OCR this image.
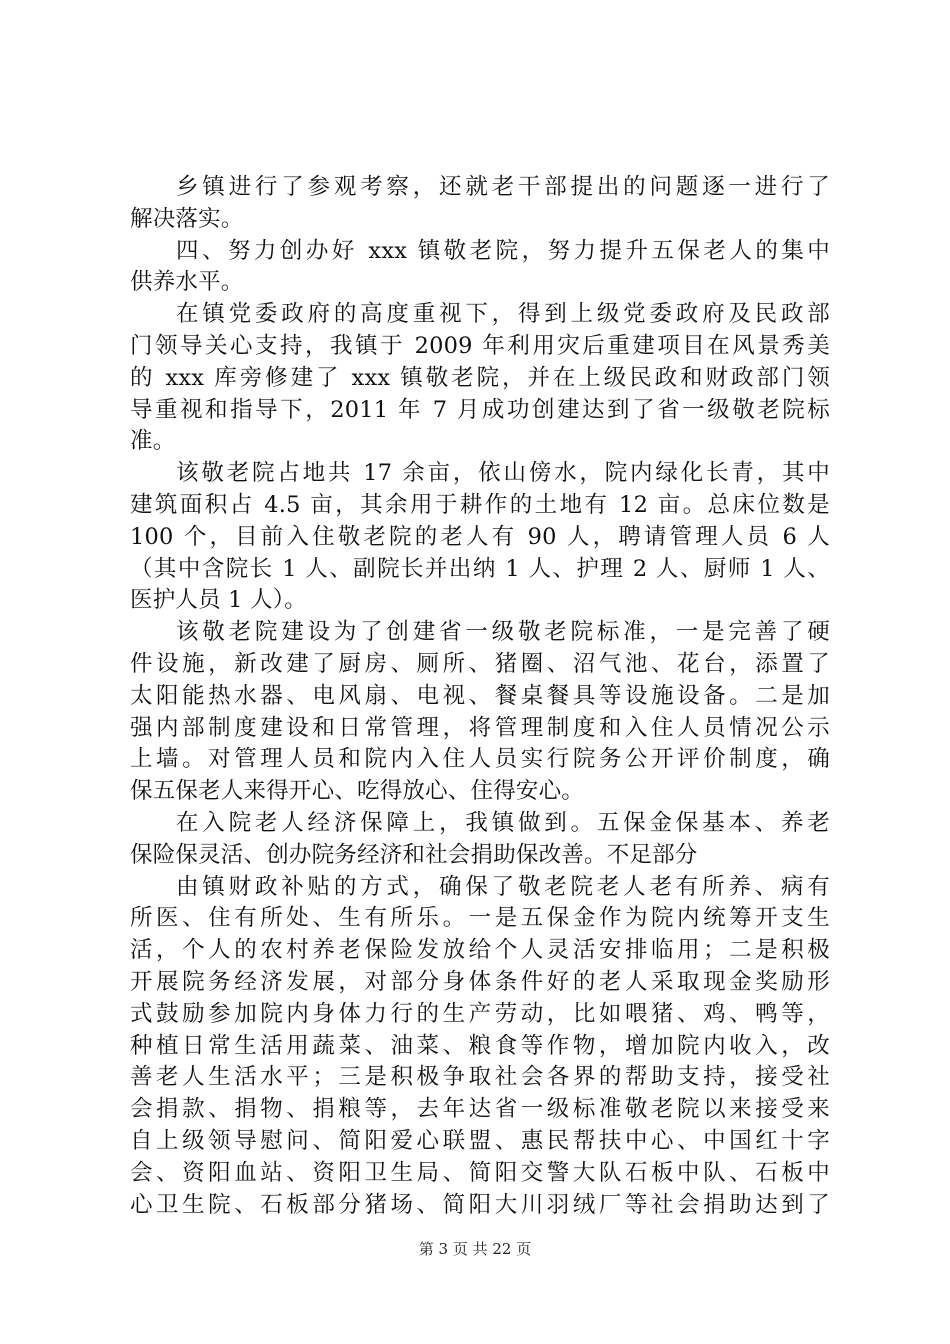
乡镇进行了参观考察，还就老干部提出的问题逐一进行了
解决落实。
四、努力创办好 xxx 镇敬老院，努力提升五保老人的集中
供养水平。
在镇党委政府的高度重视下，得到上级党委政府及民政部
门领导关心支持，我镇于 2009 年利用灾后重建项目在风景秀美
的 xxx 库旁修建了 xxx 镇敬老院，并在上级民政和财政部门领
导重视和指导下，2011 年 7 月成功创建达到了省一级敬老院标
准。
该敬老院占地共 17 余亩，依山傍水，院内绿化长青，其中
建筑面积占 4.5 亩，其余用于耕作的土地有 12 亩。总床位数是
100 个，目前入住敬老院的老人有 90 人，聘请管理人员 6 人
（其中含院长 1 人、副院长并出纳 1 人、护理 2 人、厨师 1 人、
医护人员 1 人）。
该敬老院建设为了创建省一级敬老院标准，一是完善了硬
件设施，新改建了厨房、厕所、猪圈、沼气池、花台，添置了
太阳能热水器、电风扇、电视、餐桌餐具等设施设备。二是加
强内部制度建设和日常管理，将管理制度和入住人员情况公示
上墙。对管理人员和院内入住人员实行院务公开评价制度，确
保五保老人来得开心、吃得放心、住得安心。
在入院老人经济保障上，我镇做到。五保金保基本、养老
保险保灵活、创办院务经济和社会捐助保改善。不足部分
由镇财政补贴的方式，确保了敬老院老人老有所养、病有
所医、住有所处、生有所乐。一是五保金作为院内统筹开支生
活，个人的农村养老保险发放给个人灵活安排临用；二是积极
开展院务经济发展，对部分身体条件好的老人采取现金奖励形
式鼓励参加院内身体力行的生产劳动，比如喂猪、鸡、鸭等，
种植日常生活用蔬菜、油菜、粮食等作物，增加院内收入，改
善老人生活水平；三是积极争取社会各界的帮助支持，接受社
会捐款、捐物、捐粮等，去年达省一级标准敬老院以来接受来
自上级领导慰问、简阳爱心联盟、惠民帮扶中心、中国红十字
会、资阳血站、资阳卫生局、简阳交警大队石板中队、石板中
心卫生院、石板部分猪场、简阳大川羽绒厂等社会捐助达到了
第 3 页 共 22 页
